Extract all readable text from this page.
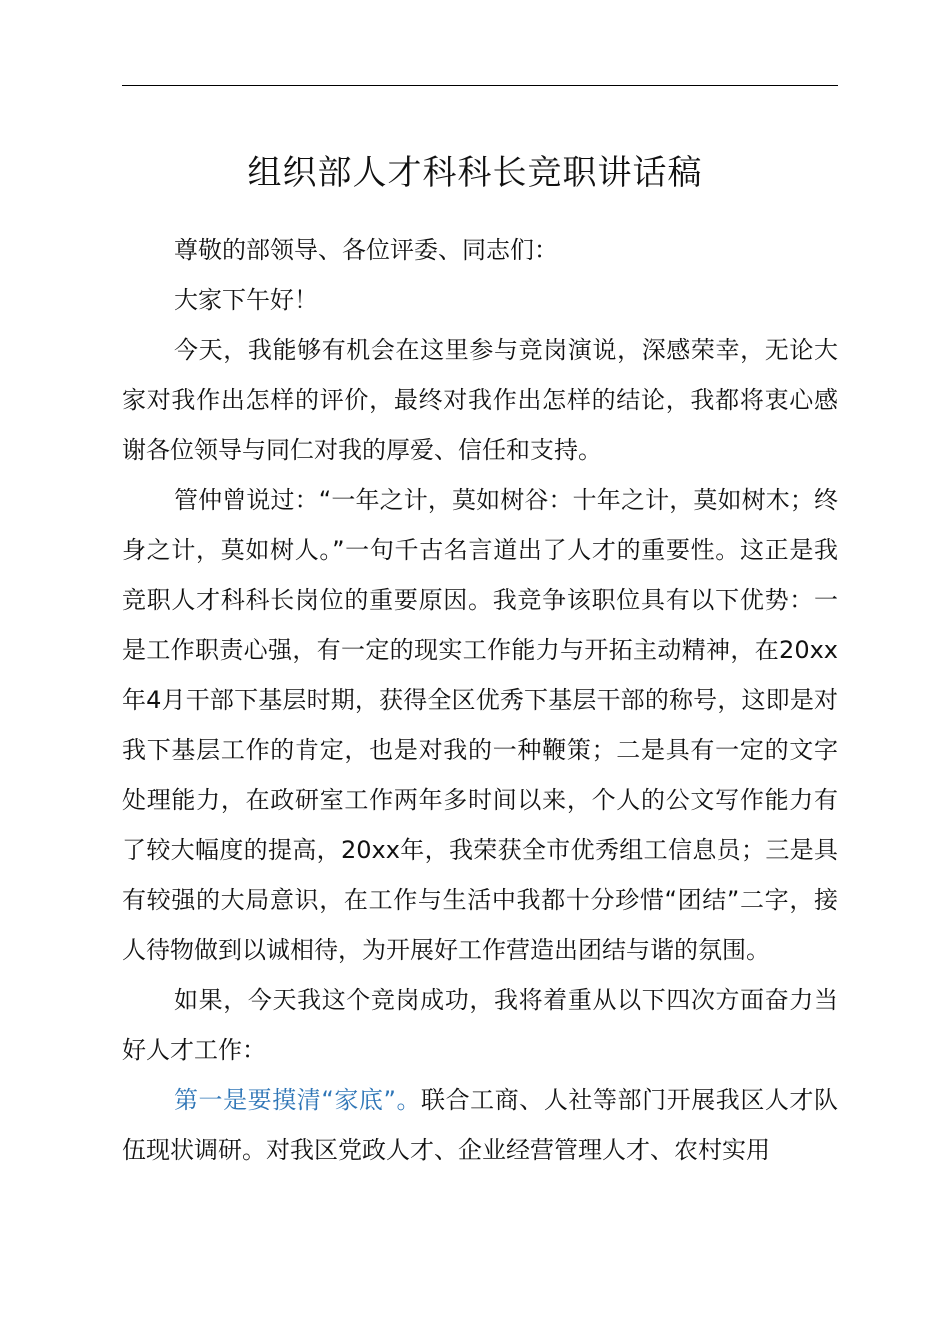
组织部人才科科长竞职讲话稿

尊敬的部领导、各位评委、同志们：

大家下午好！

今天，我能够有机会在这里参与竞岗演说，深感荣幸，无论大家对我作出怎样的评价，最终对我作出怎样的结论，我都将衷心感谢各位领导与同仁对我的厚爱、信任和支持。

管仲曾说过：“一年之计，莫如树谷：十年之计，莫如树木；终身之计，莫如树人。”一句千古名言道出了人才的重要性。这正是我竞职人才科科长岗位的重要原因。我竞争该职位具有以下优势：一是工作职责心强，有一定的现实工作能力与开拓主动精神，在20xx年4月干部下基层时期，获得全区优秀下基层干部的称号，这即是对我下基层工作的肯定，也是对我的一种鞭策；二是具有一定的文字处理能力，在政研室工作两年多时间以来，个人的公文写作能力有了较大幅度的提高，20xx年，我荣获全市优秀组工信息员；三是具有较强的大局意识，在工作与生活中我都十分珍惜“团结”二字，接人待物做到以诚相待，为开展好工作营造出团结与谐的氛围。

如果，今天我这个竞岗成功，我将着重从以下四次方面奋力当好人才工作：

第一是要摸清“家底”。联合工商、人社等部门开展我区人才队伍现状调研。对我区党政人才、企业经营管理人才、农村实用
